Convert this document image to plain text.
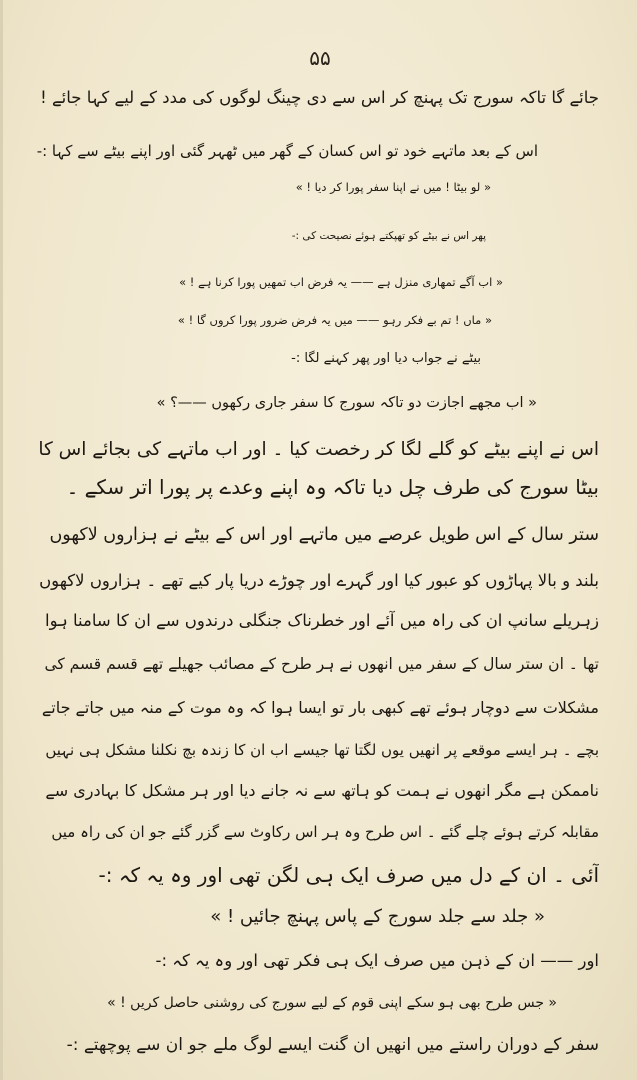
۵۵
جائے گا تاکہ سورج تک پہنچ کر اس سے دی چینگ لوگوں کی مدد کے لیے کہا جائے !
اس کے بعد ماتہے خود تو اس کسان کے گھر میں ٹھہر گئی اور اپنے بیٹے سے کہا :-
« لو بیٹا ! میں نے اپنا سفر پورا کر دیا ! »
پھر اس نے بیٹے کو تھپکتے ہوئے نصیحت کی :-
« اب آگے تمھاری منزل ہے —— یہ فرض اب تمھیں پورا کرنا ہے ! »
« ماں ! تم بے فکر رہو —— میں یہ فرض ضرور پورا کروں گا ! »
بیٹے نے جواب دیا اور پھر کہنے لگا :-
« اب مجھے اجازت دو تاکہ سورج کا سفر جاری رکھوں ——؟ »
اس نے اپنے بیٹے کو گلے لگا کر رخصت کیا ۔ اور اب ماتہے کی بجائے اس کا
بیٹا سورج کی طرف چل دیا تاکہ وہ اپنے وعدے پر پورا اتر سکے ۔
ستر سال کے اس طویل عرصے میں ماتہے اور اس کے بیٹے نے ہزاروں لاکھوں
بلند و بالا پہاڑوں کو عبور کیا اور گہرے اور چوڑے دریا پار کیے تھے ۔ ہزاروں لاکھوں
زہریلے سانپ ان کی راہ میں آئے اور خطرناک جنگلی درندوں سے ان کا سامنا ہوا
تھا ۔ ان ستر سال کے سفر میں انھوں نے ہر طرح کے مصائب جھیلے تھے قسم قسم کی
مشکلات سے دوچار ہوئے تھے کبھی بار تو ایسا ہوا کہ وہ موت کے منہ میں جاتے جاتے
بچے ۔ ہر ایسے موقعے پر انھیں یوں لگتا تھا جیسے اب ان کا زندہ بچ نکلنا مشکل ہی نہیں
ناممکن ہے مگر انھوں نے ہمت کو ہاتھ سے نہ جانے دیا اور ہر مشکل کا بہادری سے
مقابلہ کرتے ہوئے چلے گئے ۔ اس طرح وہ ہر اس رکاوٹ سے گزر گئے جو ان کی راہ میں
آئی ۔ ان کے دل میں صرف ایک ہی لگن تھی اور وہ یہ کہ :-
« جلد سے جلد سورج کے پاس پہنچ جائیں ! »
اور —— ان کے ذہن میں صرف ایک ہی فکر تھی اور وہ یہ کہ :-
« جس طرح بھی ہو سکے اپنی قوم کے لیے سورج کی روشنی حاصل کریں ! »
سفر کے دوران راستے میں انھیں ان گنت ایسے لوگ ملے جو ان سے پوچھتے :-
